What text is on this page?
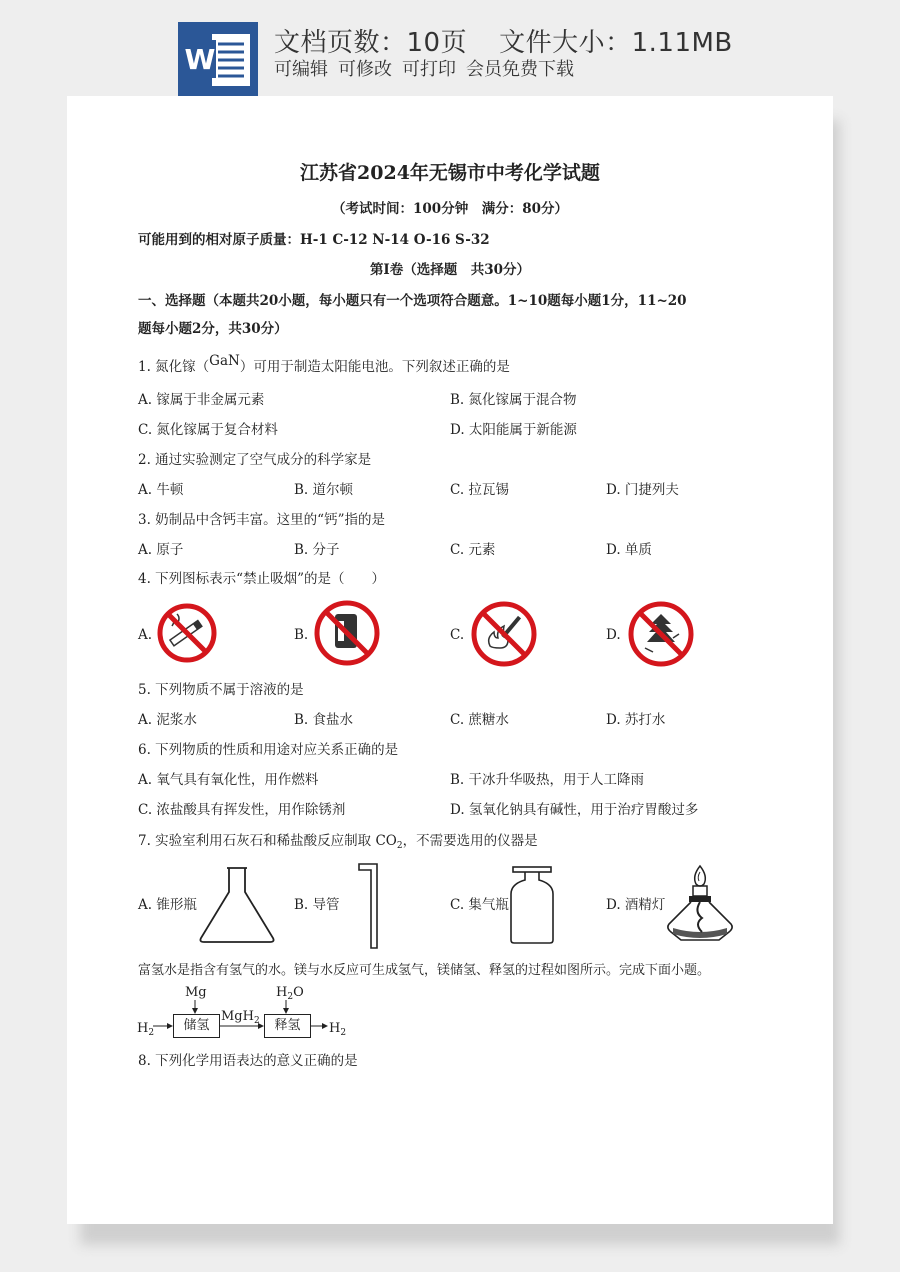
W 文档页数：10页 文件大小：1.11MB
可编辑 可修改 可打印 会员免费下载
江苏省2024年无锡市中考化学试题
（考试时间：100分钟　满分：80分）
可能用到的相对原子质量：H-1 C-12 N-14 O-16 S-32
第Ⅰ卷（选择题　共30分）
一、选择题（本题共20小题，每小题只有一个选项符合题意。1~10题每小题1分，11~20
题每小题2分，共30分）
1. 氮化镓（GaN）可用于制造太阳能电池。下列叙述正确的是
A. 镓属于非金属元素	B. 氮化镓属于混合物
C. 氮化镓属于复合材料	D. 太阳能属于新能源
2. 通过实验测定了空气成分的科学家是
A. 牛顿	B. 道尔顿	C. 拉瓦锡	D. 门捷列夫
3. 奶制品中含钙丰富。这里的“钙”指的是
A. 原子	B. 分子	C. 元素	D. 单质
4. 下列图标表示“禁止吸烟”的是（　　）
A.	B.	C.	D.
5. 下列物质不属于溶液的是
A. 泥浆水	B. 食盐水	C. 蔗糖水	D. 苏打水
6. 下列物质的性质和用途对应关系正确的是
A. 氧气具有氧化性，用作燃料	B. 干冰升华吸热，用于人工降雨
C. 浓盐酸具有挥发性，用作除锈剂	D. 氢氧化钠具有碱性，用于治疗胃酸过多
7. 实验室利用石灰石和稀盐酸反应制取 $CO_2$，不需要选用的仪器是
A. 锥形瓶	B. 导管	C. 集气瓶	D. 酒精灯
富氢水是指含有氢气的水。镁与水反应可生成氢气，镁储氢、释氢的过程如图所示。完成下面小题。
Mg	$H_2O$
MgH$_2$
$H_2$	$H_2$
储氢	释氢
8. 下列化学用语表达的意义正确的是
